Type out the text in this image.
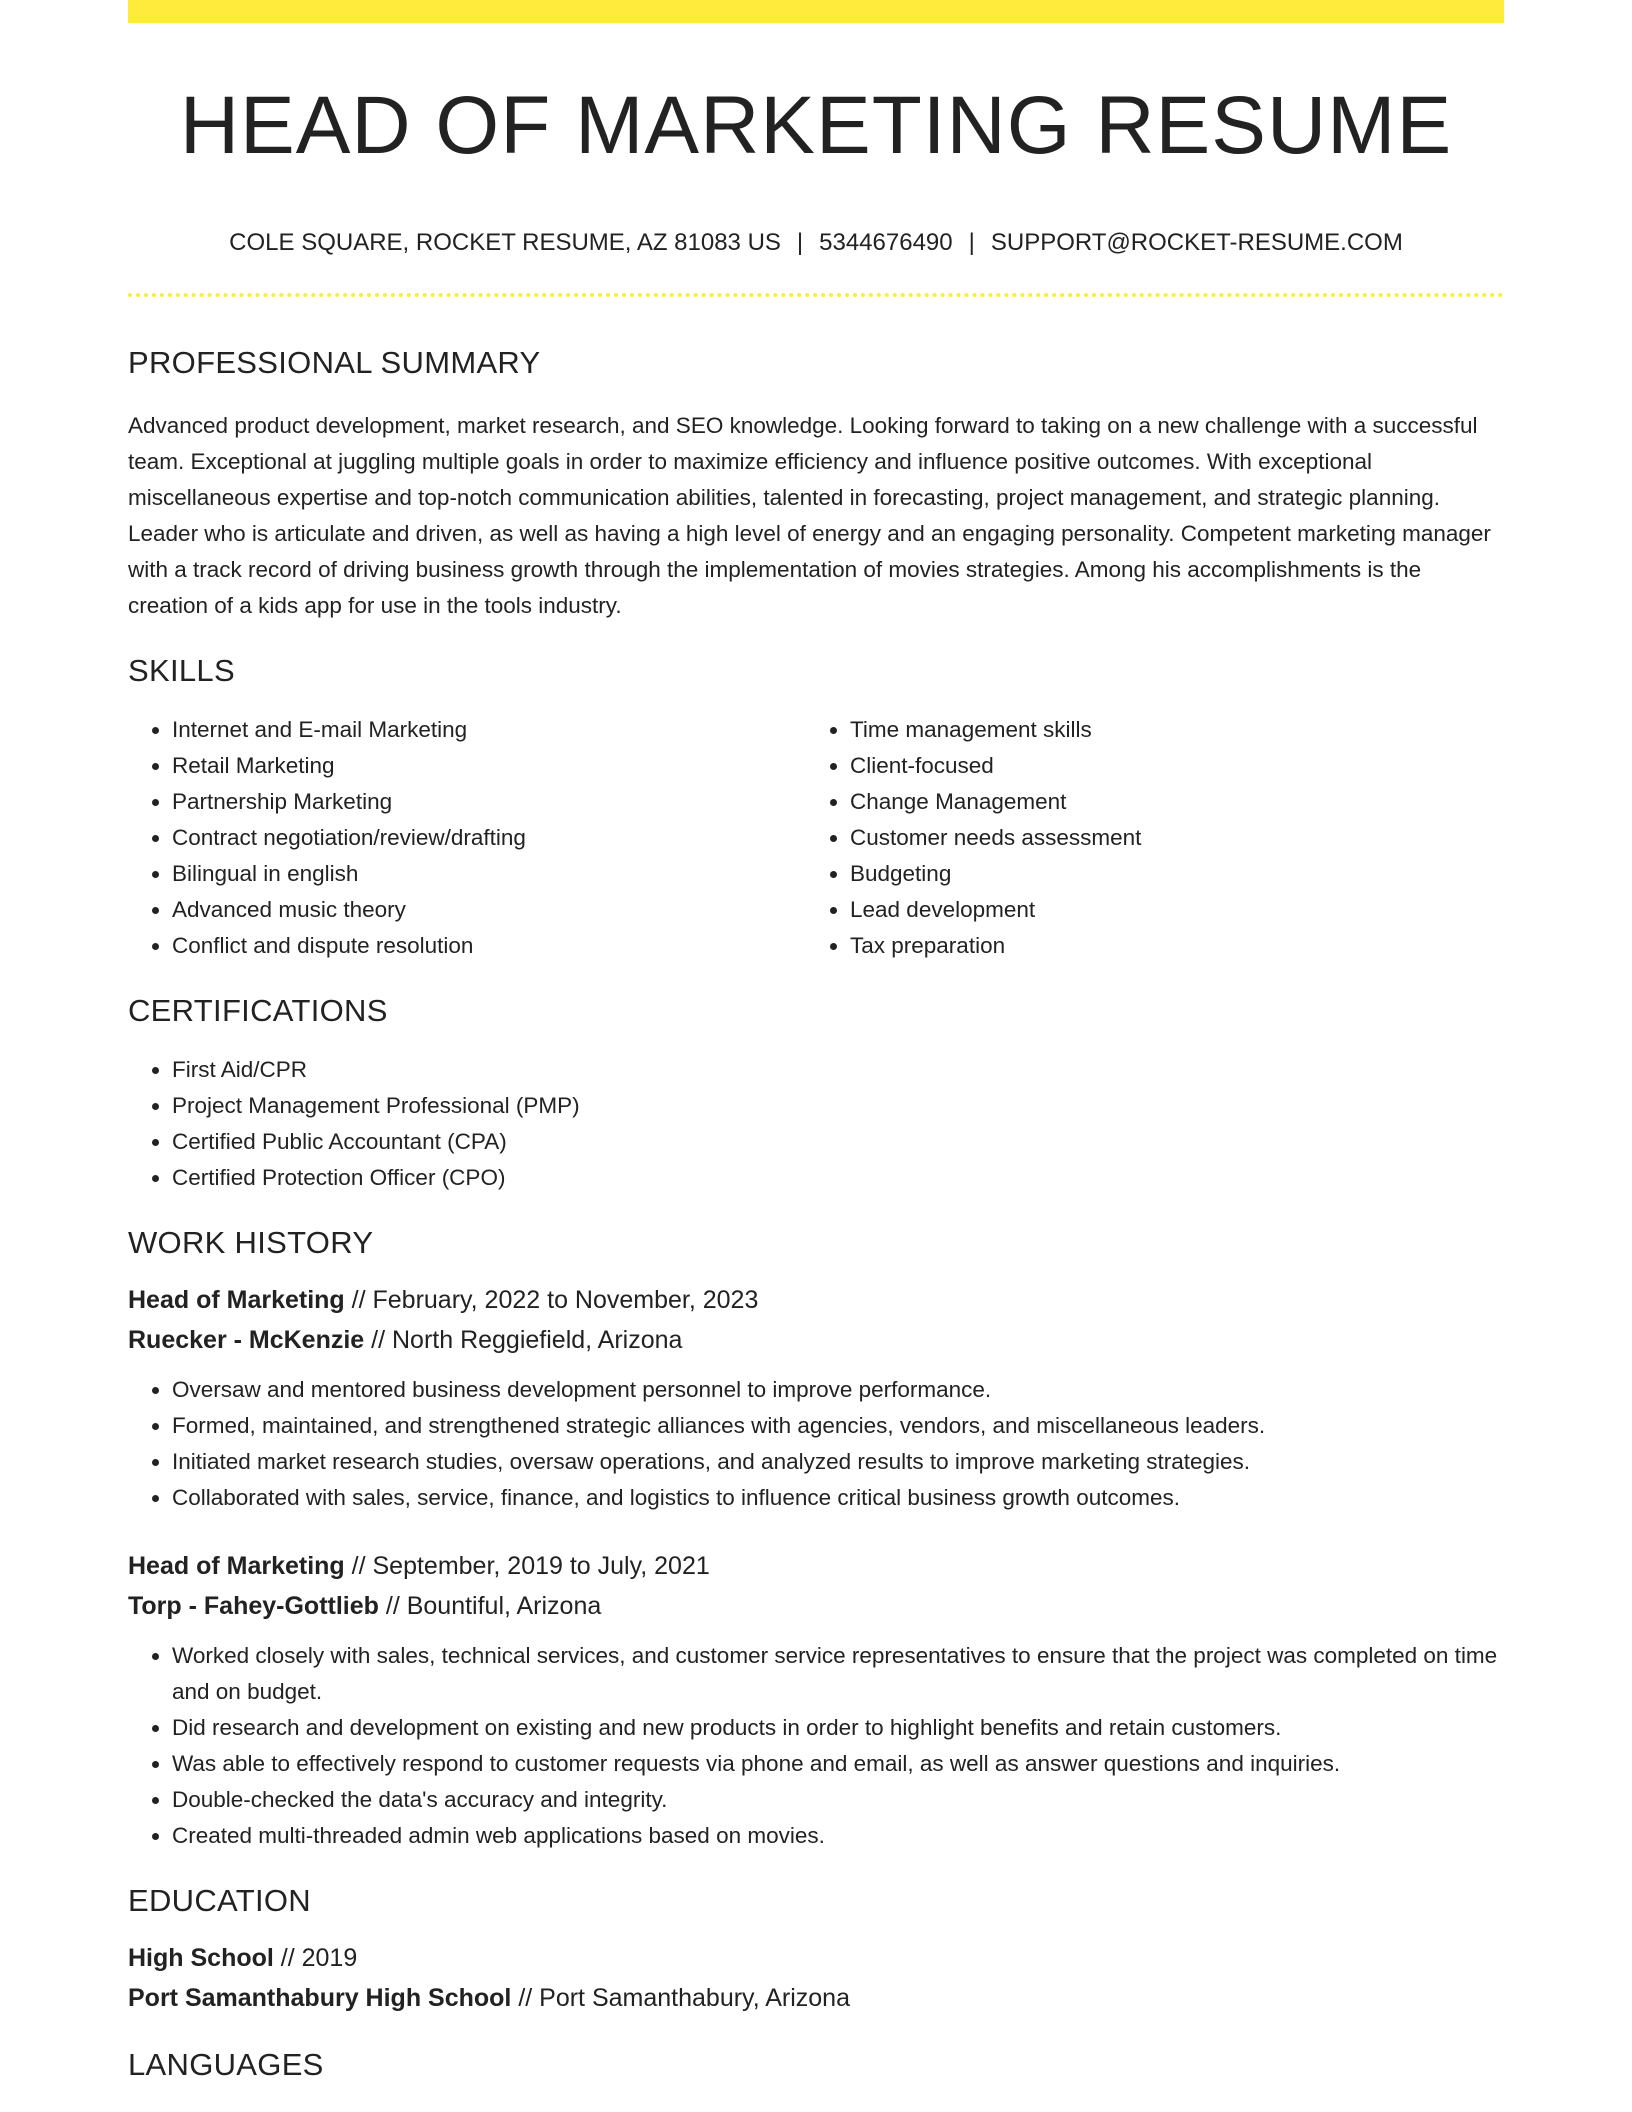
HEAD OF MARKETING RESUME
COLE SQUARE, ROCKET RESUME, AZ 81083 US | 5344676490 | SUPPORT@ROCKET-RESUME.COM
PROFESSIONAL SUMMARY

Advanced product development, market research, and SEO knowledge. Looking forward to taking on a new challenge with a successful team. Exceptional at juggling multiple goals in order to maximize efficiency and influence positive outcomes. With exceptional miscellaneous expertise and top-notch communication abilities, talented in forecasting, project management, and strategic planning. Leader who is articulate and driven, as well as having a high level of energy and an engaging personality. Competent marketing manager with a track record of driving business growth through the implementation of movies strategies. Among his accomplishments is the creation of a kids app for use in the tools industry.

SKILLS
• Internet and E-mail Marketing
• Retail Marketing
• Partnership Marketing
• Contract negotiation/review/drafting
• Bilingual in english
• Advanced music theory
• Conflict and dispute resolution
• Time management skills
• Client-focused
• Change Management
• Customer needs assessment
• Budgeting
• Lead development
• Tax preparation
CERTIFICATIONS
• First Aid/CPR
• Project Management Professional (PMP)
• Certified Public Accountant (CPA)
• Certified Protection Officer (CPO)
WORK HISTORY
Head of Marketing // February, 2022 to November, 2023
Ruecker - McKenzie // North Reggiefield, Arizona
• Oversaw and mentored business development personnel to improve performance.
• Formed, maintained, and strengthened strategic alliances with agencies, vendors, and miscellaneous leaders.
• Initiated market research studies, oversaw operations, and analyzed results to improve marketing strategies.
• Collaborated with sales, service, finance, and logistics to influence critical business growth outcomes.
Head of Marketing // September, 2019 to July, 2021
Torp - Fahey-Gottlieb // Bountiful, Arizona
• Worked closely with sales, technical services, and customer service representatives to ensure that the project was completed on time and on budget.
• Did research and development on existing and new products in order to highlight benefits and retain customers.
• Was able to effectively respond to customer requests via phone and email, as well as answer questions and inquiries.
• Double-checked the data's accuracy and integrity.
• Created multi-threaded admin web applications based on movies.
EDUCATION
High School // 2019
Port Samanthabury High School // Port Samanthabury, Arizona
LANGUAGES
